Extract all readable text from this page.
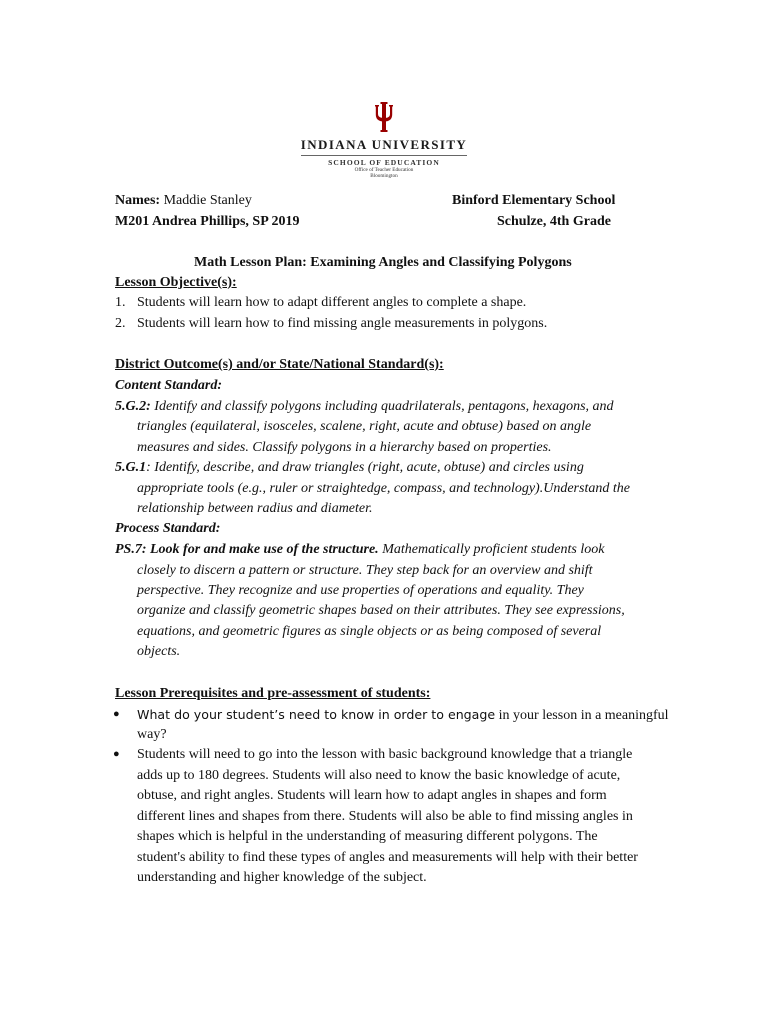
INDIANA UNIVERSITY
SCHOOL OF EDUCATION
Office of Teacher Education
Bloomington
Names: Maddie Stanley	Binford Elementary School
M201 Andrea Phillips, SP 2019	Schulze, 4th Grade
Math Lesson Plan: Examining Angles and Classifying Polygons
Lesson Objective(s):
1. Students will learn how to adapt different angles to complete a shape.
2. Students will learn how to find missing angle measurements in polygons.
District Outcome(s) and/or State/National Standard(s):
Content Standard:
5.G.2: Identify and classify polygons including quadrilaterals, pentagons, hexagons, and
triangles (equilateral, isosceles, scalene, right, acute and obtuse) based on angle
measures and sides. Classify polygons in a hierarchy based on properties.
5.G.1: Identify, describe, and draw triangles (right, acute, obtuse) and circles using
appropriate tools (e.g., ruler or straightedge, compass, and technology).Understand the
relationship between radius and diameter.
Process Standard:
PS.7: Look for and make use of the structure. Mathematically proficient students look
closely to discern a pattern or structure. They step back for an overview and shift
perspective. They recognize and use properties of operations and equality. They
organize and classify geometric shapes based on their attributes. They see expressions,
equations, and geometric figures as single objects or as being composed of several
objects.
Lesson Prerequisites and pre-assessment of students:
● What do your student’s need to know in order to engage in your lesson in a meaningful
way?
● Students will need to go into the lesson with basic background knowledge that a triangle
adds up to 180 degrees. Students will also need to know the basic knowledge of acute,
obtuse, and right angles. Students will learn how to adapt angles in shapes and form
different lines and shapes from there. Students will also be able to find missing angles in
shapes which is helpful in the understanding of measuring different polygons. The
student's ability to find these types of angles and measurements will help with their better
understanding and higher knowledge of the subject.
